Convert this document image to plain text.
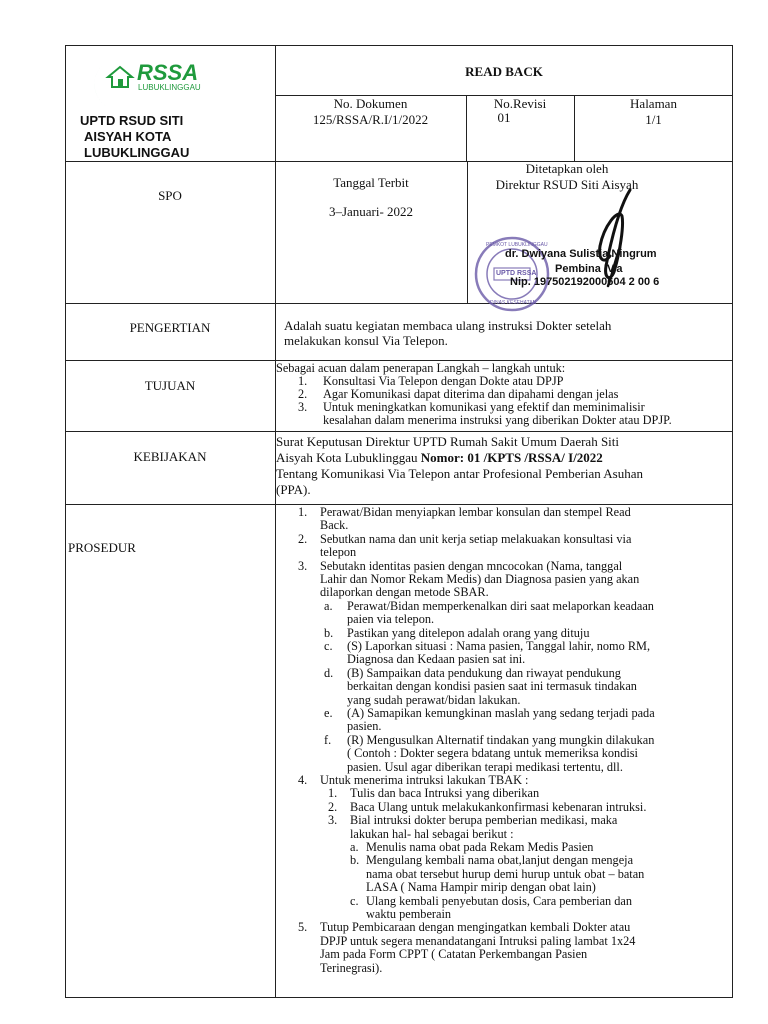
RSSA
LUBUKLINGGAU
UPTD RSUD SITI
AISYAH KOTA
LUBUKLINGGAU
READ BACK
No. Dokumen
125/RSSA/R.I/1/2022
No.Revisi
01
Halaman
1/1
SPO
Tanggal Terbit
3–Januari- 2022
Ditetapkan oleh
Direktur RSUD Siti Aisyah
UPTD RSSA
PEMKOT LUBUKLINGGAU
DINAS KESEHATAN
dr. Dwiyana Sulistia Ningrum
Pembina IV.a
Nip. 197502192000604 2 00 6
PENGERTIAN	Adalah suatu kegiatan membaca ulang instruksi Dokter setelah
melakukan konsul Via Telepon.
TUJUAN
Sebagai acuan dalam penerapan Langkah – langkah untuk:
1. Konsultasi Via Telepon dengan Dokte atau DPJP
2. Agar Komunikasi dapat diterima dan dipahami dengan jelas
3. Untuk meningkatkan komunikasi yang efektif dan meminimalisir
kesalahan dalam menerima instruksi yang diberikan Dokter atau DPJP.
KEBIJAKAN
Surat Keputusan Direktur UPTD Rumah Sakit Umum Daerah Siti
Aisyah Kota Lubuklinggau Nomor: 01 /KPTS /RSSA/ I/2022
Tentang Komunikasi Via Telepon antar Profesional Pemberian Asuhan
(PPA).
PROSEDUR
1. Perawat/Bidan menyiapkan lembar konsulan dan stempel Read
Back.
2. Sebutkan nama dan unit kerja setiap melakuakan konsultasi via
telepon
3. Sebutakn identitas pasien dengan mncocokan (Nama, tanggal
Lahir dan Nomor Rekam Medis) dan Diagnosa pasien yang akan
dilaporkan dengan metode SBAR.
a. Perawat/Bidan memperkenalkan diri saat melaporkan keadaan
paien via telepon.
b. Pastikan yang ditelepon adalah orang yang dituju
c. (S) Laporkan situasi : Nama pasien, Tanggal lahir, nomo RM,
Diagnosa dan Kedaan pasien sat ini.
d. (B) Sampaikan data pendukung dan riwayat pendukung
berkaitan dengan kondisi pasien saat ini termasuk tindakan
yang sudah perawat/bidan lakukan.
e. (A) Samapikan kemungkinan maslah yang sedang terjadi pada
pasien.
f. (R) Mengusulkan Alternatif tindakan yang mungkin dilakukan
( Contoh : Dokter segera bdatang untuk memeriksa kondisi
pasien. Usul agar diberikan terapi medikasi tertentu, dll.
Untuk menerima intruksi lakukan TBAK :
4.
1. Tulis dan baca Intruksi yang diberikan
2. Baca Ulang untuk melakukankonfirmasi kebenaran intruksi.
3. Bial intruksi dokter berupa pemberian medikasi, maka
lakukan hal- hal sebagai berikut :
a. Menulis nama obat pada Rekam Medis Pasien
b. Mengulang kembali nama obat,lanjut dengan mengeja
nama obat tersebut hurup demi hurup untuk obat – batan
LASA ( Nama Hampir mirip dengan obat lain)
c. Ulang kembali penyebutan dosis, Cara pemberian dan
waktu pemberain
5. Tutup Pembicaraan dengan mengingatkan kembali Dokter atau
DPJP untuk segera menandatangani Intruksi paling lambat 1x24
Jam pada Form CPPT ( Catatan Perkembangan Pasien
Terinegrasi).
